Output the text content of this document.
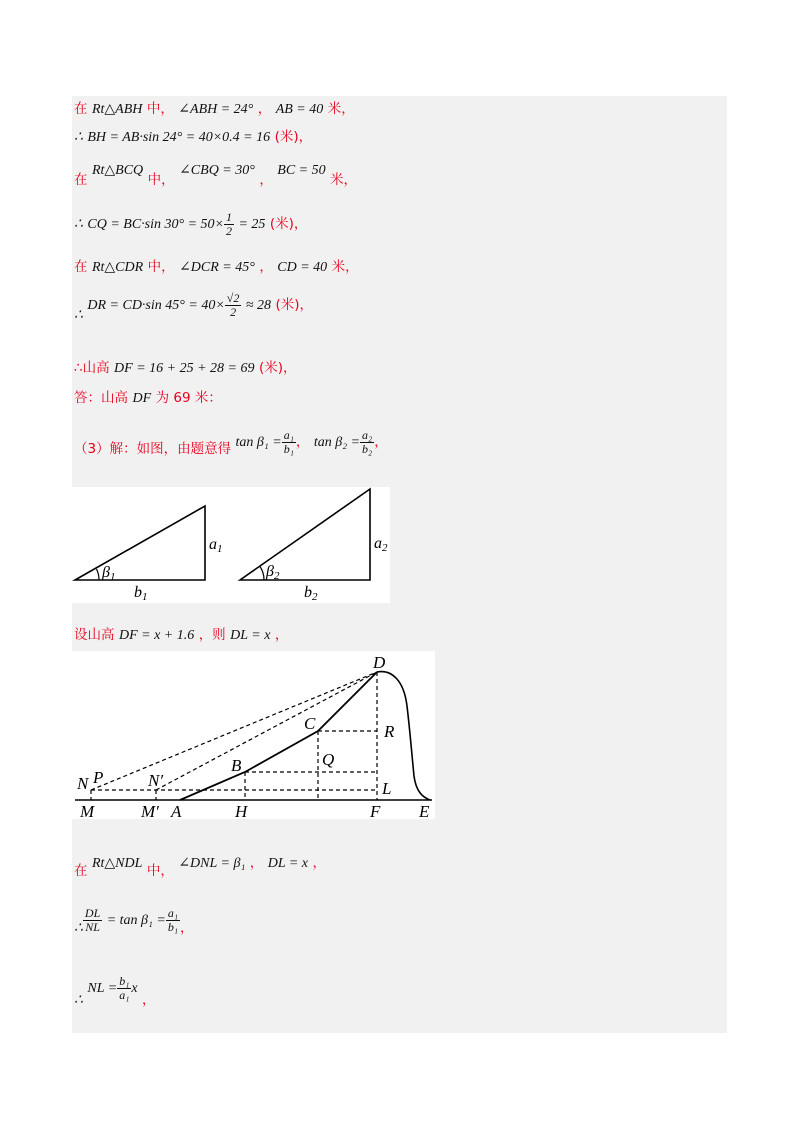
在 Rt△ABH 中， ∠ABH = 24° ， AB = 40 米，
∴ BH = AB·sin 24° = 40×0.4 = 16 (米)，
在 Rt△BCQ 中， ∠CBQ = 30° ， BC = 50 米，
∴ CQ = BC·sin $30^\circ = 50\times \frac{1}{2} = 25$ (米)，
在 Rt△CDR 中， ∠DCR = 45° ， CD = 40 米，
∴ DR = CD·sin $45^\circ = 40\times \frac{√2}{2} \approx 28$ (米)，
∴山高 DF = 16 + 25 + 28 = 69 (米)，
答：山高 DF 为 69 米：
（3）解：如图，由题意得 $\tan \beta_1 = \frac{\text{a₁}}{\text{b₁}}$ ， $\tan \beta_2 = \frac{\text{a₂}}{\text{b₂}}$ ，
β1
a1
b1
β2
a2
b2
设山高 DF = x + 1.6 ，则 DL = x ，
D
C	R
B	Q
N P	N′	L
M	M′ A	H	F E
在 Rt△NDL 中， ∠DNL = β₁ ， DL = x ，
∴ $\frac{DL}{NL} = \tan \beta_1 = \frac{\text{a₁}}{\text{b₁}}$ ，
∴ NL = $\frac{\text{b₁}}{\text{a₁}}$ x ，
